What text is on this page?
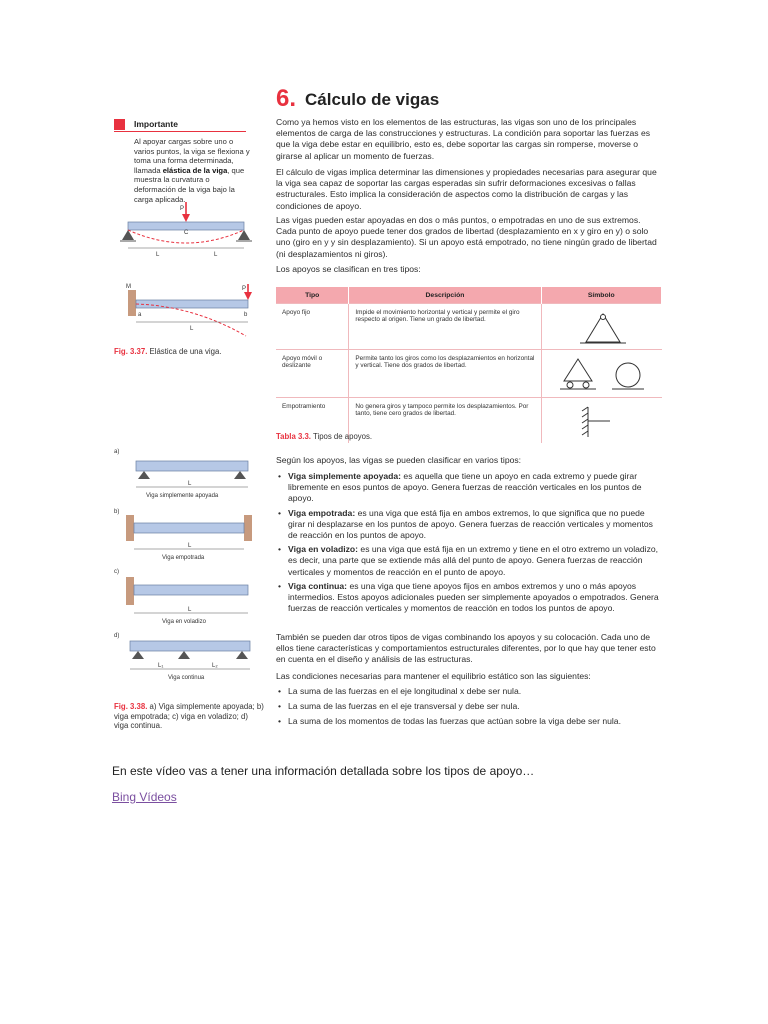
6. Cálculo de vigas
Importante
Al apoyar cargas sobre uno o varios puntos, la viga se flexiona y toma una forma determinada, llamada elástica de la viga, que muestra la curvatura o deformación de la viga bajo la carga aplicada.
P
C
L	L
P
M
a	b
L
Fig. 3.37. Elástica de una viga.
a)
L
Viga simplemente apoyada
b)
L
Viga empotrada
c)
L
Viga en voladizo
d)
L₁	L₂
Viga continua
Fig. 3.38. a) Viga simplemente apoyada; b) viga empotrada; c) viga en voladizo; d) viga continua.
Como ya hemos visto en los elementos de las estructuras, las vigas son uno de los principales elementos de carga de las construcciones y estructuras. La condición para soportar las fuerzas es que la viga debe estar en equilibrio, esto es, debe soportar las cargas sin romperse, moverse o girarse al aplicar un momento de fuerzas.
El cálculo de vigas implica determinar las dimensiones y propiedades necesarias para asegurar que la viga sea capaz de soportar las cargas esperadas sin sufrir deformaciones excesivas o fallas estructurales. Esto implica la consideración de aspectos como la distribución de cargas y las condiciones de apoyo.
Las vigas pueden estar apoyadas en dos o más puntos, o empotradas en uno de sus extremos. Cada punto de apoyo puede tener dos grados de libertad (desplazamiento en x y giro en y) o solo uno (giro en y y sin desplazamiento). Si un apoyo está empotrado, no tiene ningún grado de libertad (ni desplazamientos ni giros).
Los apoyos se clasifican en tres tipos:
Tipo	Descripción	Símbolo
Apoyo fijo	Impide el movimiento horizontal y vertical y permite el giro respecto al origen. Tiene un grado de libertad.	
Apoyo móvil o deslizante	Permite tanto los giros como los desplazamientos en horizontal y vertical. Tiene dos grados de libertad.	
Empotramiento	No genera giros y tampoco permite los desplazamientos. Por tanto, tiene cero grados de libertad.	
Tabla 3.3. Tipos de apoyos.
Según los apoyos, las vigas se pueden clasificar en varios tipos:
• Viga simplemente apoyada: es aquella que tiene un apoyo en cada extremo y puede girar libremente en esos puntos de apoyo. Genera fuerzas de reacción verticales en los puntos de apoyo.
• Viga empotrada: es una viga que está fija en ambos extremos, lo que significa que no puede girar ni desplazarse en los puntos de apoyo. Genera fuerzas de reacción verticales y momentos de reacción en los puntos de apoyo.
• Viga en voladizo: es una viga que está fija en un extremo y tiene en el otro extremo un voladizo, es decir, una parte que se extiende más allá del punto de apoyo. Genera fuerzas de reacción verticales y momentos de reacción en el punto de apoyo.
• Viga continua: es una viga que tiene apoyos fijos en ambos extremos y uno o más apoyos intermedios. Estos apoyos adicionales pueden ser simplemente apoyados o empotrados. Genera fuerzas de reacción verticales y momentos de reacción en todos los puntos de apoyo.
También se pueden dar otros tipos de vigas combinando los apoyos y su colocación. Cada uno de ellos tiene características y comportamientos estructurales diferentes, por lo que hay que tener esto en cuenta en el diseño y análisis de las estructuras.
Las condiciones necesarias para mantener el equilibrio estático son las siguientes:
• La suma de las fuerzas en el eje longitudinal x debe ser nula.
• La suma de las fuerzas en el eje transversal y debe ser nula.
• La suma de los momentos de todas las fuerzas que actúan sobre la viga debe ser nula.
En este vídeo vas a tener una información detallada sobre los tipos de apoyo…
Bing Vídeos
